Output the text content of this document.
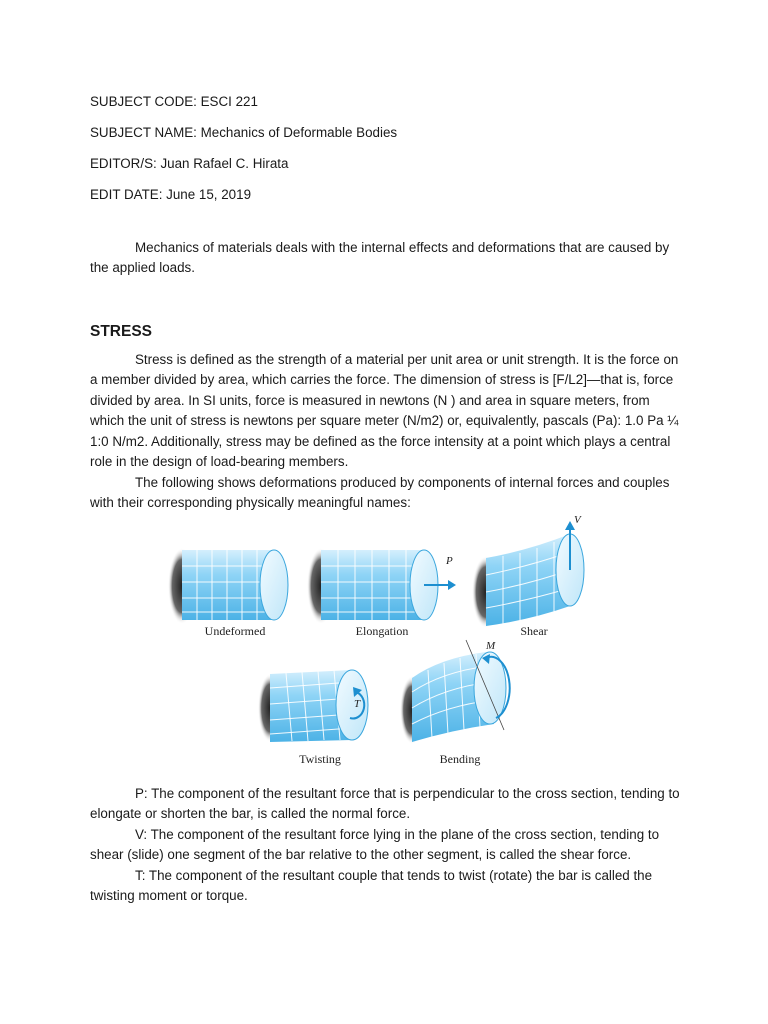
SUBJECT CODE: ESCI 221

SUBJECT NAME: Mechanics of Deformable Bodies

EDITOR/S: Juan Rafael C. Hirata

EDIT DATE: June 15, 2019

Mechanics of materials deals with the internal effects and deformations that are caused by the applied loads.

STRESS

Stress is defined as the strength of a material per unit area or unit strength. It is the force on a member divided by area, which carries the force. The dimension of stress is [F/L2]—that is, force divided by area. In SI units, force is measured in newtons (N ) and area in square meters, from which the unit of stress is newtons per square meter (N/m2) or, equivalently, pascals (Pa): 1.0 Pa ¼ 1:0 N/m2. Additionally, stress may be defined as the force intensity at a point which plays a central role in the design of load-bearing members.

The following shows deformations produced by components of internal forces and couples with their corresponding physically meaningful names:

Undeformed	Elongation	Shear
Twisting	Bending
P
V
T
M

P: The component of the resultant force that is perpendicular to the cross section, tending to elongate or shorten the bar, is called the normal force.

V: The component of the resultant force lying in the plane of the cross section, tending to shear (slide) one segment of the bar relative to the other segment, is called the shear force.

T: The component of the resultant couple that tends to twist (rotate) the bar is called the twisting moment or torque.
